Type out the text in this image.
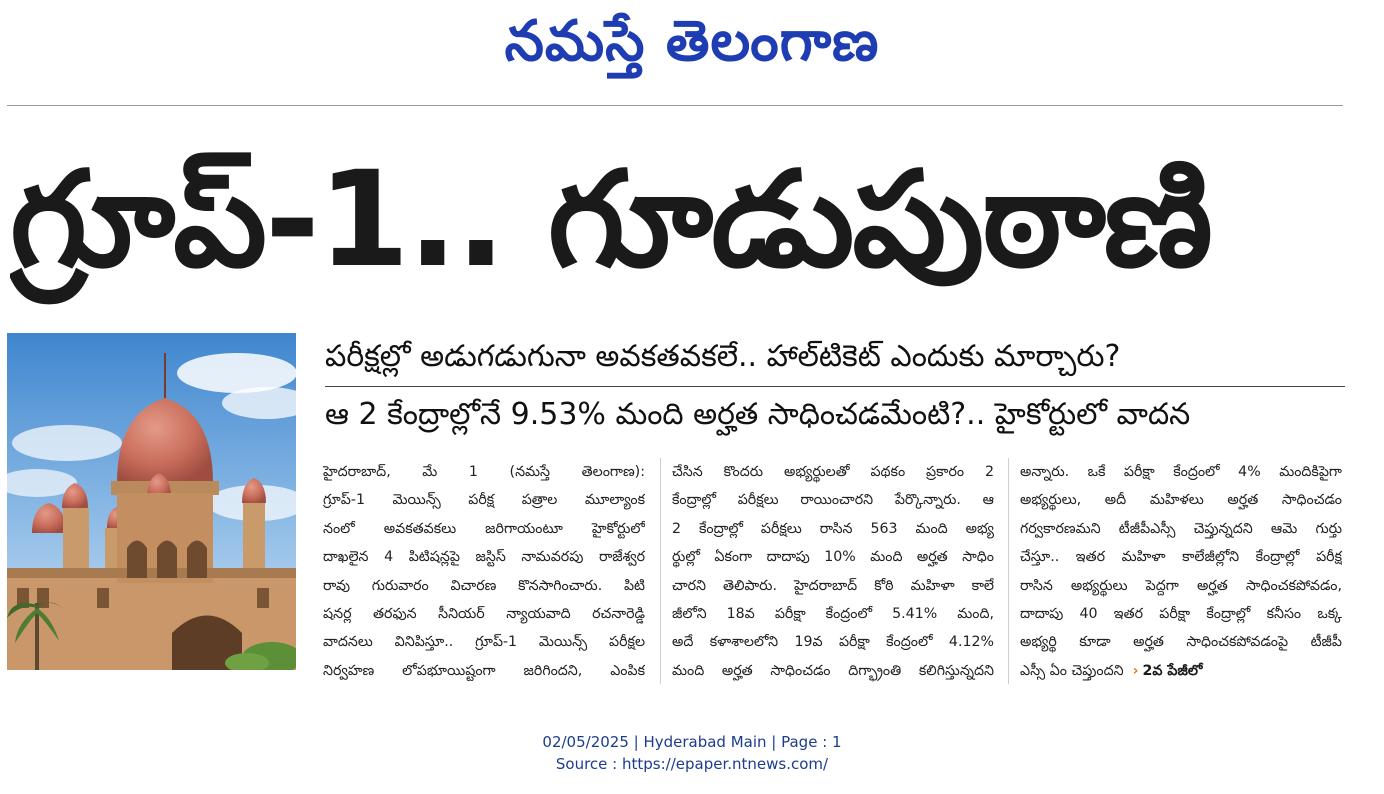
నమస్తే తెలంగాణ
గ్రూప్‌-1.. గూడుపుఠాణి
పరీక్షల్లో అడుగడుగునా అవకతవకలే.. హాల్‌టికెట్‌ ఎందుకు మార్చారు?
ఆ 2 కేంద్రాల్లోనే 9.53% మంది అర్హత సాధించడమేంటి?.. హైకోర్టులో వాదన
హైదరాబాద్‌, మే 1 (నమస్తే తెలంగాణ):
గ్రూప్‌-1 మెయిన్స్‌ పరీక్ష పత్రాల మూల్యాంక
నంలో అవకతవకలు జరిగాయంటూ హైకోర్టులో
దాఖలైన 4 పిటిషన్లపై జస్టిస్‌ నామవరపు రాజేశ్వర
రావు గురువారం విచారణ కొనసాగించారు. పిటి
షనర్ల తరఫున సీనియర్‌ న్యాయవాది రచనారెడ్డి
వాదనలు వినిపిస్తూ.. గ్రూప్‌-1 మెయిన్స్‌ పరీక్షల
నిర్వహణ లోపభూయిష్టంగా జరిగిందని, ఎంపిక
చేసిన కొందరు అభ్యర్థులతో పథకం ప్రకారం 2
కేంద్రాల్లో పరీక్షలు రాయించారని పేర్కొన్నారు. ఆ
2 కేంద్రాల్లో పరీక్షలు రాసిన 563 మంది అభ్య
ర్థుల్లో ఏకంగా దాదాపు 10% మంది అర్హత సాధిం
చారని తెలిపారు. హైదరాబాద్‌ కోఠి మహిళా కాలే
జీలోని 18వ పరీక్షా కేంద్రంలో 5.41% మంది,
అదే కళాశాలలోని 19వ పరీక్షా కేంద్రంలో 4.12%
మంది అర్హత సాధించడం దిగ్భ్రాంతి కలిగిస్తున్నదని
అన్నారు. ఒకే పరీక్షా కేంద్రంలో 4% మందికిపైగా
అభ్యర్థులు, అదీ మహిళలు అర్హత సాధించడం
గర్వకారణమని టీజీపీఎస్సీ చెప్తున్నదని ఆమె గుర్తు
చేస్తూ.. ఇతర మహిళా కాలేజీల్లోని కేంద్రాల్లో పరీక్ష
రాసిన అభ్యర్థులు పెద్దగా అర్హత సాధించకపోవడం,
దాదాపు 40 ఇతర పరీక్షా కేంద్రాల్లో కనీసం ఒక్క
అభ్యర్థి కూడా అర్హత సాధించకపోవడంపై టీజీపీ
ఎస్సీ ఏం చెప్తుందని › 2వ పేజీలో
02/05/2025 | Hyderabad Main | Page : 1
Source : https://epaper.ntnews.com/
